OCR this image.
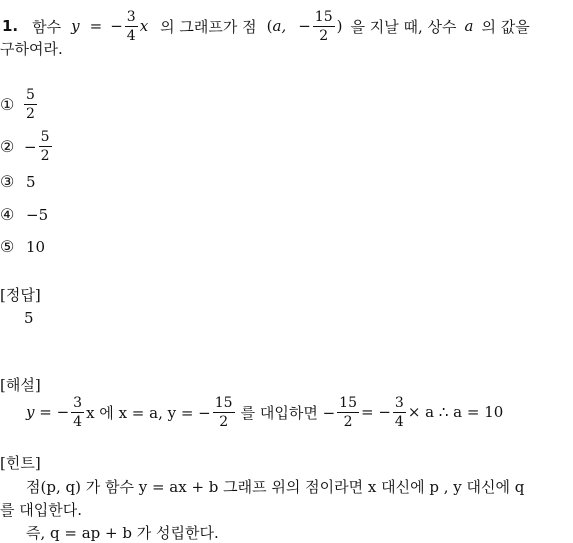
1. 함수 y = − $\frac{3}{4}$ x 의 그래프가 점 ( a, − $\frac{15}{2}$ ) 을 지날 때, 상수 a 의 값을
구하여라.
① $\frac{5}{2}$
② − $\frac{5}{2}$
③ 5
④ −5
⑤ 10
[정답]
5
[해설]
y = − $\frac{3}{4}$ x 에 x = a, y = − $\frac{15}{2}$ 를 대입하면 − $\frac{15}{2}$ = − $\frac{3}{4} \times a$ ∴ a = 10
[힌트]
점(p, q) 가 함수 y = ax + b 그래프 위의 점이라면 x 대신에 p , y 대신에 q
를 대입한다.
즉, q = ap + b 가 성립한다.
